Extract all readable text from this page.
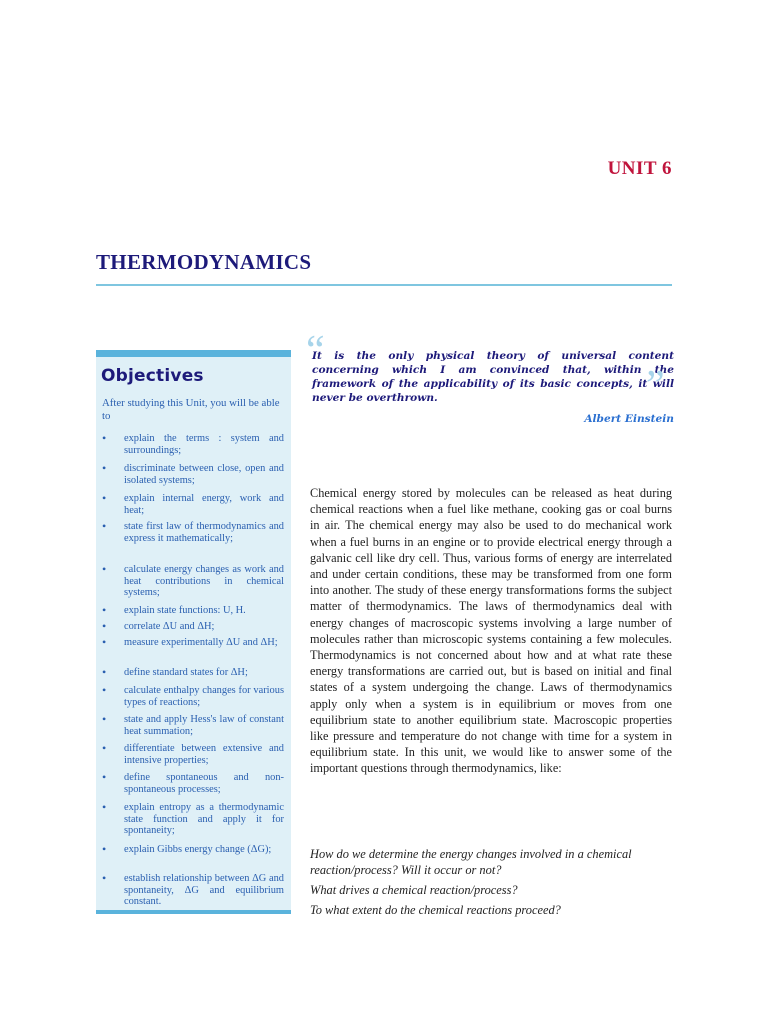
UNIT 6
THERMODYNAMICS
Objectives
After studying this Unit, you will be able to
• explain the terms : system and surroundings;
• discriminate between close, open and isolated systems;
• explain internal energy, work and heat;
• state first law of thermodynamics and express it mathematically;
• calculate energy changes as work and heat contributions in chemical systems;
• explain state functions: U, H.
• correlate ΔU and ΔH;
• measure experimentally ΔU and ΔH;
• define standard states for ΔH;
• calculate enthalpy changes for various types of reactions;
• state and apply Hess's law of constant heat summation;
• differentiate between extensive and intensive properties;
• define spontaneous and non-spontaneous processes;
• explain entropy as a thermodynamic state function and apply it for spontaneity;
• explain Gibbs energy change (ΔG);
• establish relationship between ΔG and spontaneity, ΔG and equilibrium constant.
“
It is the only physical theory of universal content concerning which I am convinced that, within the framework of the applicability of its basic concepts, it will never be overthrown.	”
Albert Einstein
Chemical energy stored by molecules can be released as heat during chemical reactions when a fuel like methane, cooking gas or coal burns in air. The chemical energy may also be used to do mechanical work when a fuel burns in an engine or to provide electrical energy through a galvanic cell like dry cell. Thus, various forms of energy are interrelated and under certain conditions, these may be transformed from one form into another. The study of these energy transformations forms the subject matter of thermodynamics. The laws of thermodynamics deal with energy changes of macroscopic systems involving a large number of molecules rather than microscopic systems containing a few molecules. Thermodynamics is not concerned about how and at what rate these energy transformations are carried out, but is based on initial and final states of a system undergoing the change. Laws of thermodynamics apply only when a system is in equilibrium or moves from one equilibrium state to another equilibrium state. Macroscopic properties like pressure and temperature do not change with time for a system in equilibrium state. In this unit, we would like to answer some of the important questions through thermodynamics, like:
How do we determine the energy changes involved in a chemical reaction/process? Will it occur or not?
What drives a chemical reaction/process?
To what extent do the chemical reactions proceed?
